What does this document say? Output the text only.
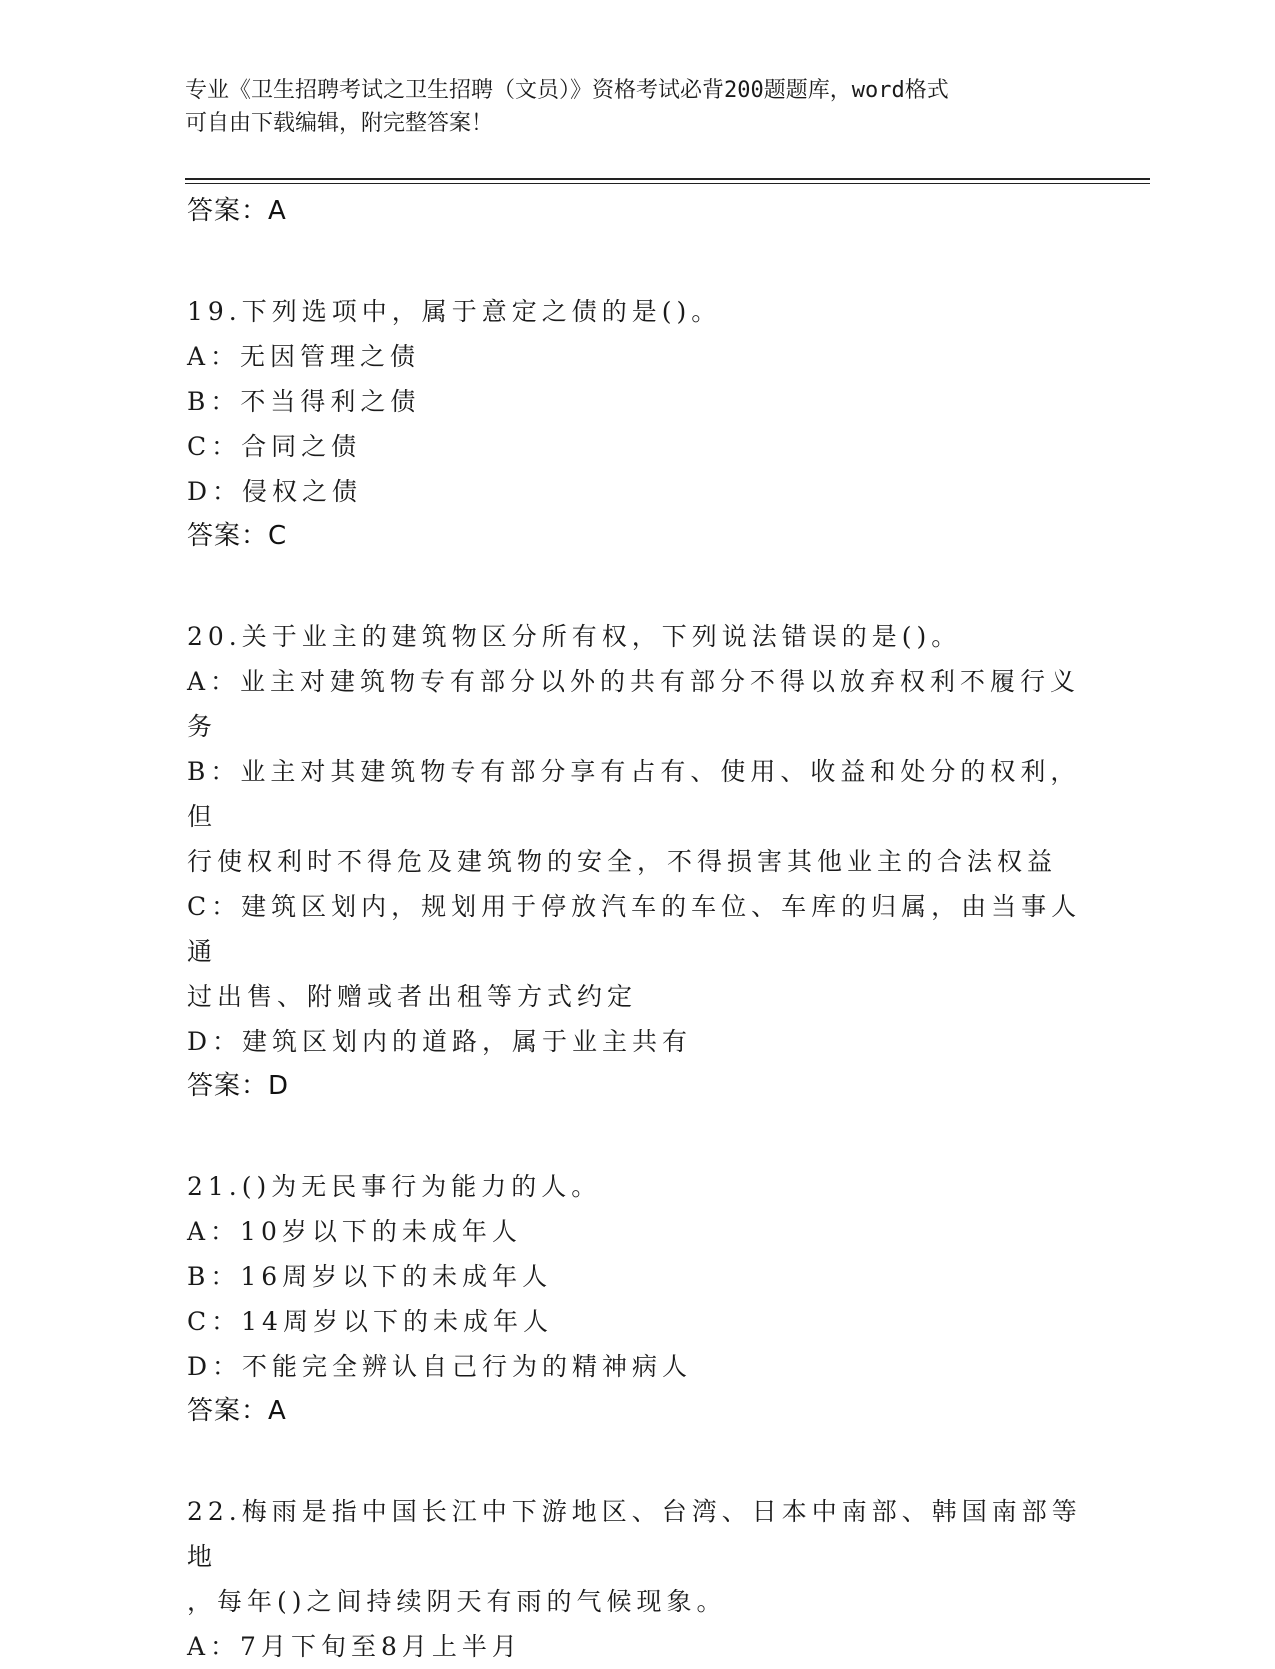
专业《卫生招聘考试之卫生招聘（文员）》资格考试必背200题题库，word格式
可自由下载编辑，附完整答案！
答案：A
19.下列选项中，属于意定之债的是()。
A：无因管理之债
B：不当得利之债
C：合同之债
D：侵权之债
答案：C
20.关于业主的建筑物区分所有权，下列说法错误的是()。
A：业主对建筑物专有部分以外的共有部分不得以放弃权利不履行义务
B：业主对其建筑物专有部分享有占有、使用、收益和处分的权利，但
行使权利时不得危及建筑物的安全，不得损害其他业主的合法权益
C：建筑区划内，规划用于停放汽车的车位、车库的归属，由当事人通
过出售、附赠或者出租等方式约定
D：建筑区划内的道路，属于业主共有
答案：D
21.()为无民事行为能力的人。
A：10岁以下的未成年人
B：16周岁以下的未成年人
C：14周岁以下的未成年人
D：不能完全辨认自己行为的精神病人
答案：A
22.梅雨是指中国长江中下游地区、台湾、日本中南部、韩国南部等地
，每年()之间持续阴天有雨的气候现象。
A：7月下旬至8月上半月
